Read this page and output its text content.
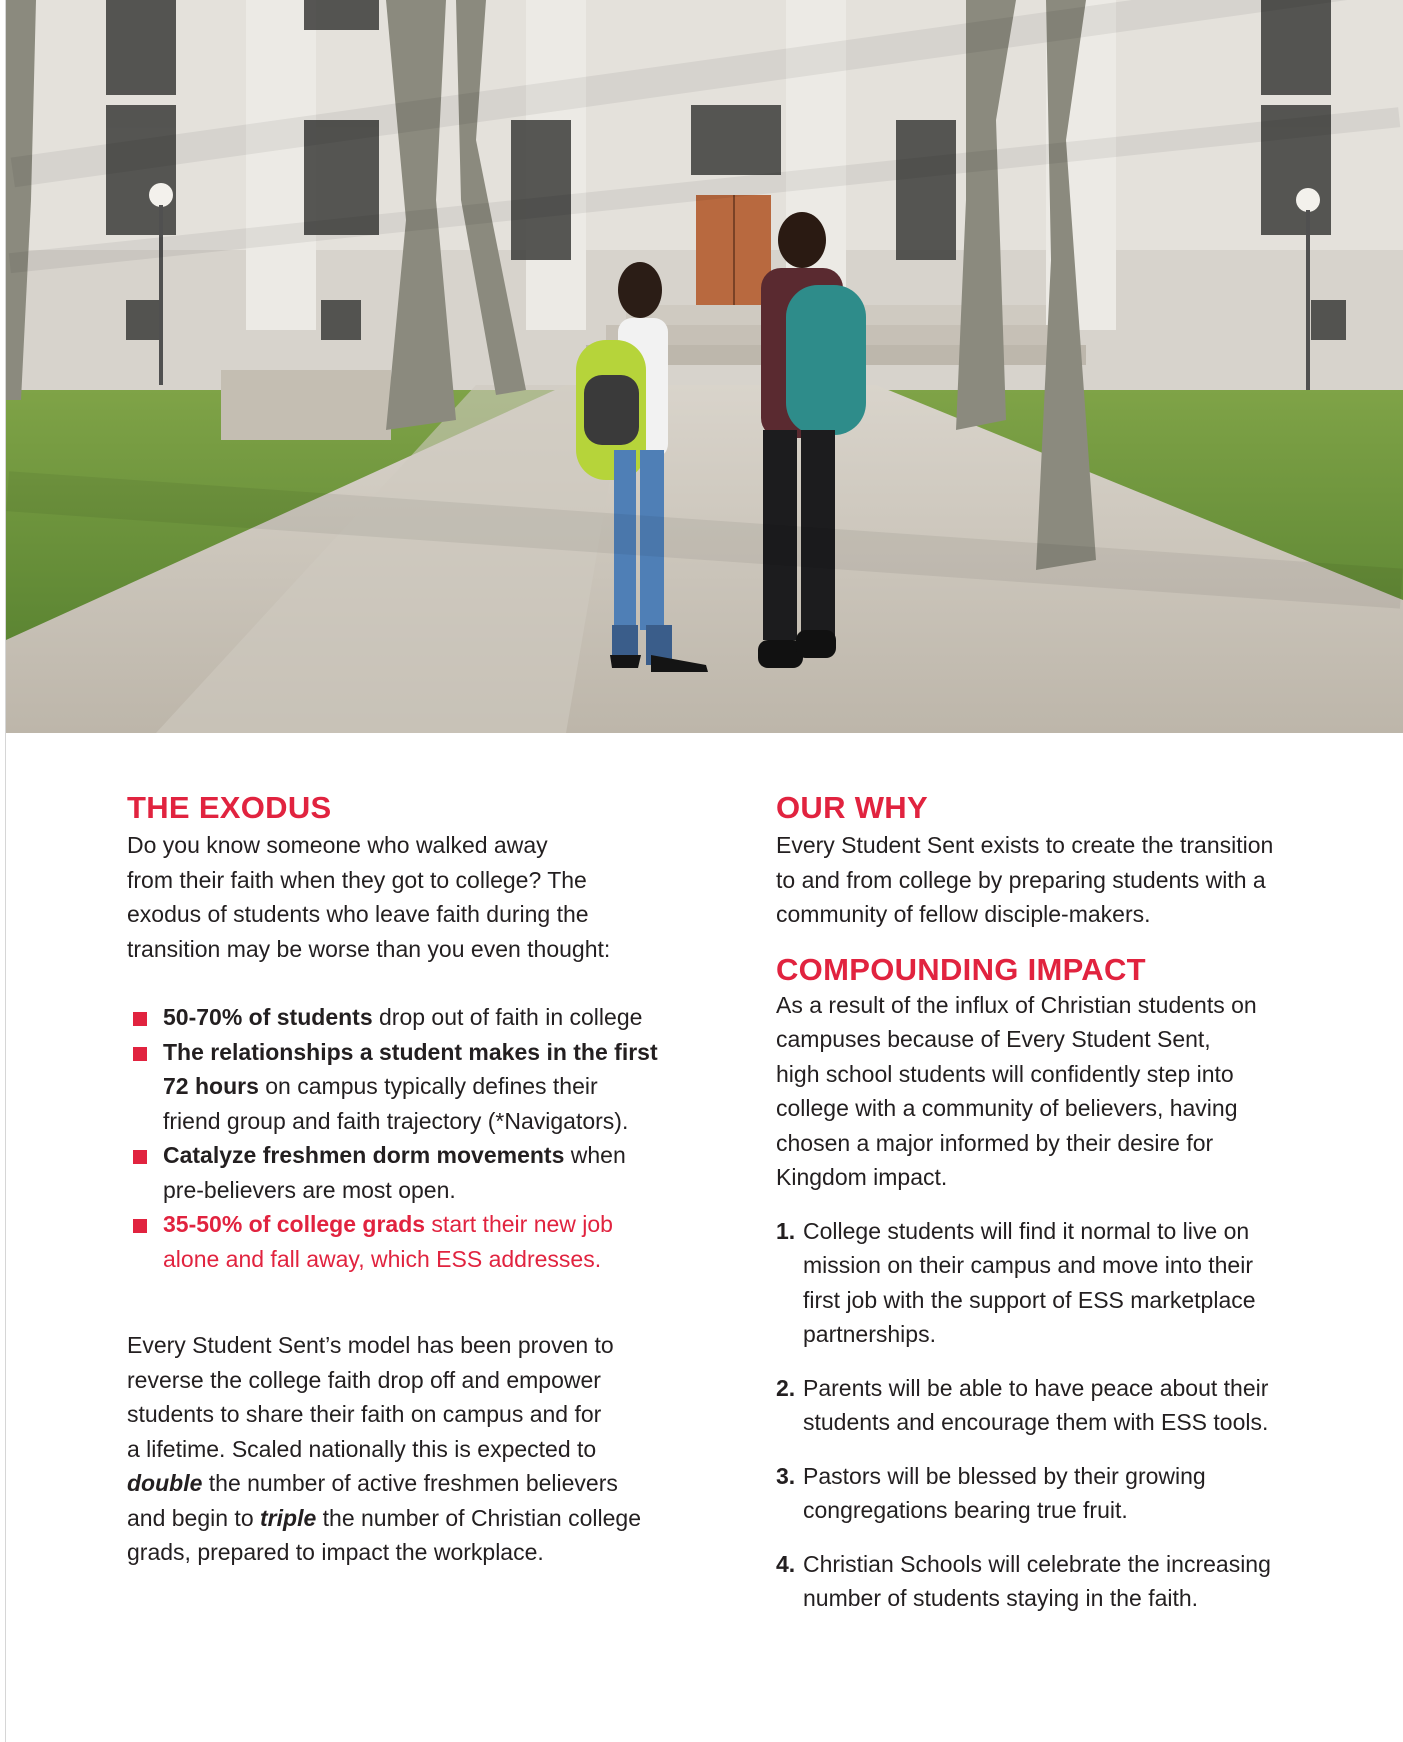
THE EXODUS

Do you know someone who walked away

from their faith when they got to college? The

exodus of students who leave faith during the

transition may be worse than you even thought:

50-70% of students drop out of faith in college
The relationships a student makes in the first
72 hours on campus typically defines their
friend group and faith trajectory (*Navigators).
Catalyze freshmen dorm movements when
pre-believers are most open.
35-50% of college grads start their new job
alone and fall away, which ESS addresses.

Every Student Sent’s model has been proven to

reverse the college faith drop off and empower

students to share their faith on campus and for

a lifetime. Scaled nationally this is expected to

double the number of active freshmen believers

and begin to triple the number of Christian college

grads, prepared to impact the workplace.

OUR WHY

Every Student Sent exists to create the transition

to and from college by preparing students with a

community of fellow disciple-makers.

COMPOUNDING IMPACT

As a result of the influx of Christian students on

campuses because of Every Student Sent,

high school students will confidently step into

college with a community of believers, having

chosen a major informed by their desire for

Kingdom impact.

1. College students will find it normal to live on
mission on their campus and move into their
first job with the support of ESS marketplace
partnerships.
2. Parents will be able to have peace about their
students and encourage them with ESS tools.
3. Pastors will be blessed by their growing
congregations bearing true fruit.
4. Christian Schools will celebrate the increasing
number of students staying in the faith.
